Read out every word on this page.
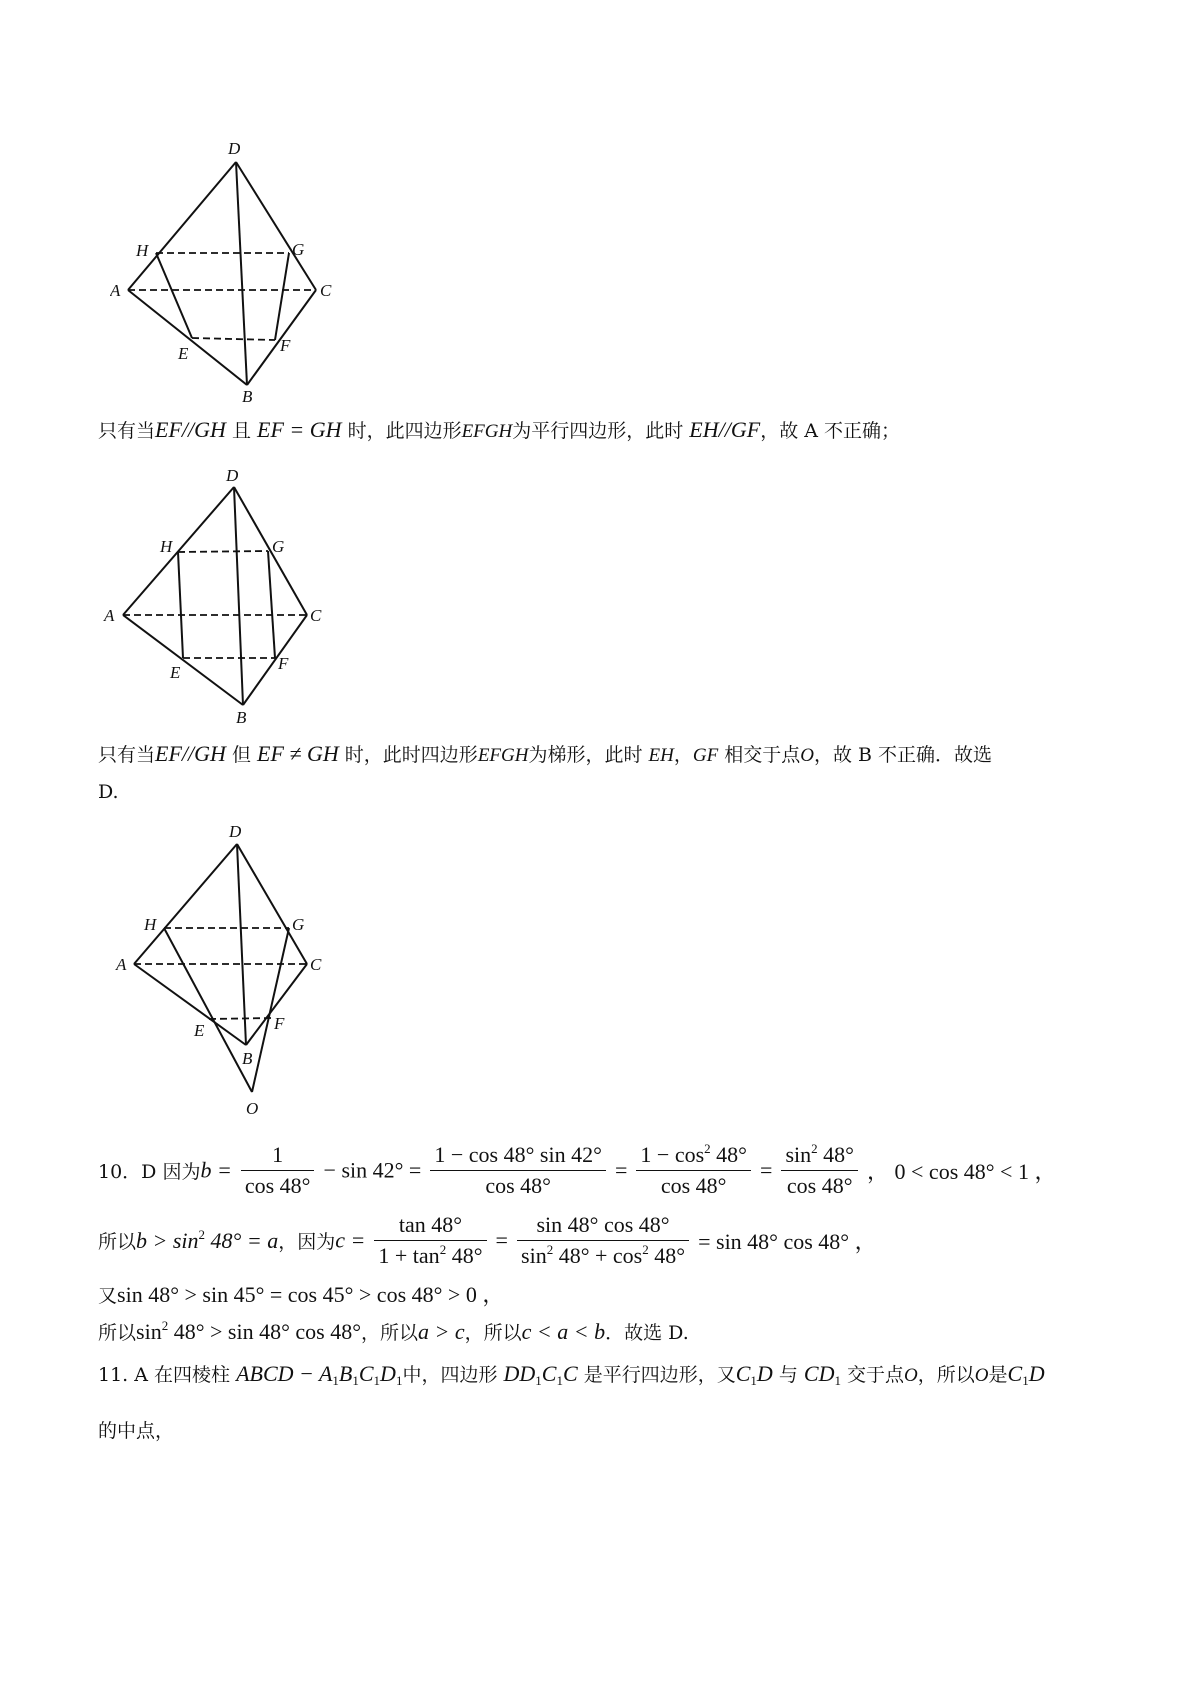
D
H	G
A	C
E	F
B
只有当EF//GH 且 EF = GH 时，此四边形EFGH为平行四边形，此时 EH//GF，故 A 不正确；
D
H	G
A	C
E	F
B
只有当EF//GH 但 EF ≠ GH 时，此时四边形EFGH为梯形，此时 EH，GF 相交于点O，故 B 不正确．故选
D.
D
H	G
A	C
E	F
B
O
10．D 因为$b = \frac{1}{\cos 48^\circ} - \sin 42^\circ = \frac{1 - \cos 48^\circ \sin 42^\circ}{\cos 48^\circ} = \frac{1 - \cos^2 48^\circ}{\cos 48^\circ} = \frac{\sin^2 48^\circ}{\cos 48^\circ}$ ， 0 < cos 48° < 1 ，
所以$b > \sin^2 48^\circ = a$，因为$c = \frac{\tan 48^\circ}{1 + \tan^2 48^\circ} = \frac{\sin 48^\circ \cos 48^\circ}{\sin^2 48^\circ + \cos^2 48^\circ} = \sin 48^\circ$ cos 48° ，
又sin 48° > sin 45° = cos 45° > cos 48° > 0 ，
所以$\sin^2 48^\circ > \sin 48^\circ$ cos 48°，所以a > c，所以c < a < b．故选 D.
11. A 在四棱柱 ABCD − $A_1B_1C_1D_1$中，四边形 $DD_1C_1C$ 是平行四边形，又$C_1D$ 与 $CD_1$ 交于点O，所以O是$C_1D$
的中点，
